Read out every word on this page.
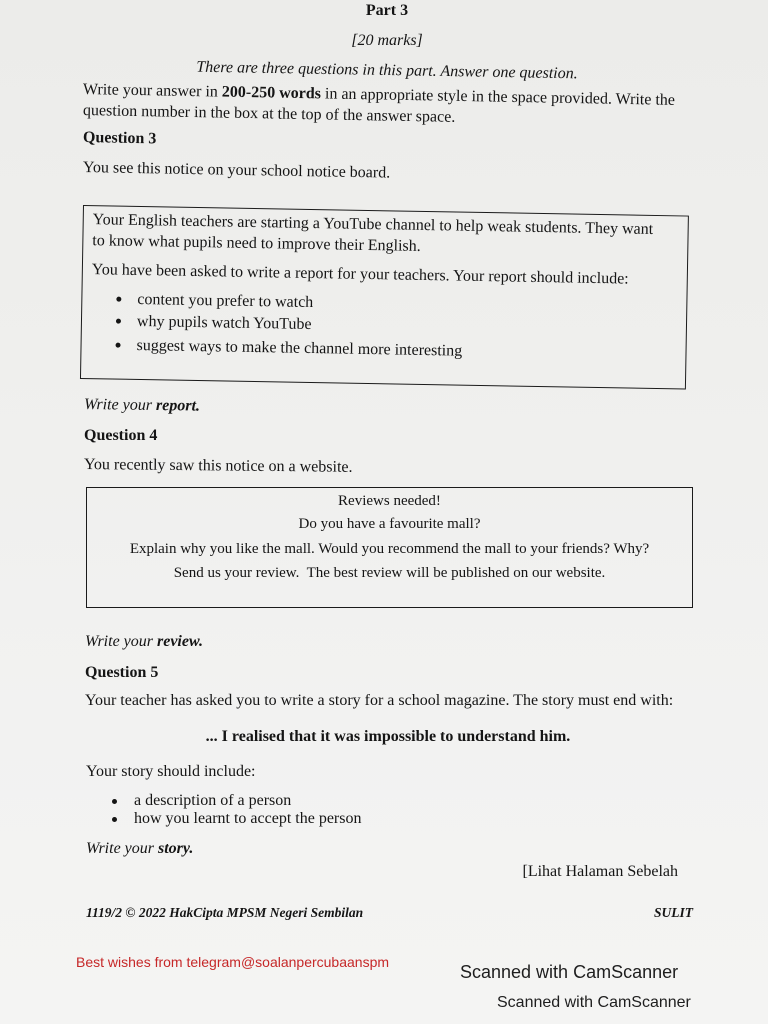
Part 3
[20 marks]
There are three questions in this part. Answer one question.
Write your answer in 200-250 words in an appropriate style in the space provided. Write the
question number in the box at the top of the answer space.
Question 3
You see this notice on your school notice board.
Your English teachers are starting a YouTube channel to help weak students. They want
to know what pupils need to improve their English.
You have been asked to write a report for your teachers. Your report should include:
content you prefer to watch
why pupils watch YouTube
suggest ways to make the channel more interesting
Write your report.
Question 4
You recently saw this notice on a website.
Reviews needed!
Do you have a favourite mall?
Explain why you like the mall. Would you recommend the mall to your friends? Why?
Send us your review.  The best review will be published on our website.
Write your review.
Question 5
Your teacher has asked you to write a story for a school magazine. The story must end with:
... I realised that it was impossible to understand him.
Your story should include:
a description of a person
how you learnt to accept the person
Write your story.
[Lihat Halaman Sebelah
1119/2 © 2022 HakCipta MPSM Negeri Sembilan	SULIT
Best wishes from telegram@soalanpercubaanspm	Scanned with CamScanner
Scanned with CamScanner
